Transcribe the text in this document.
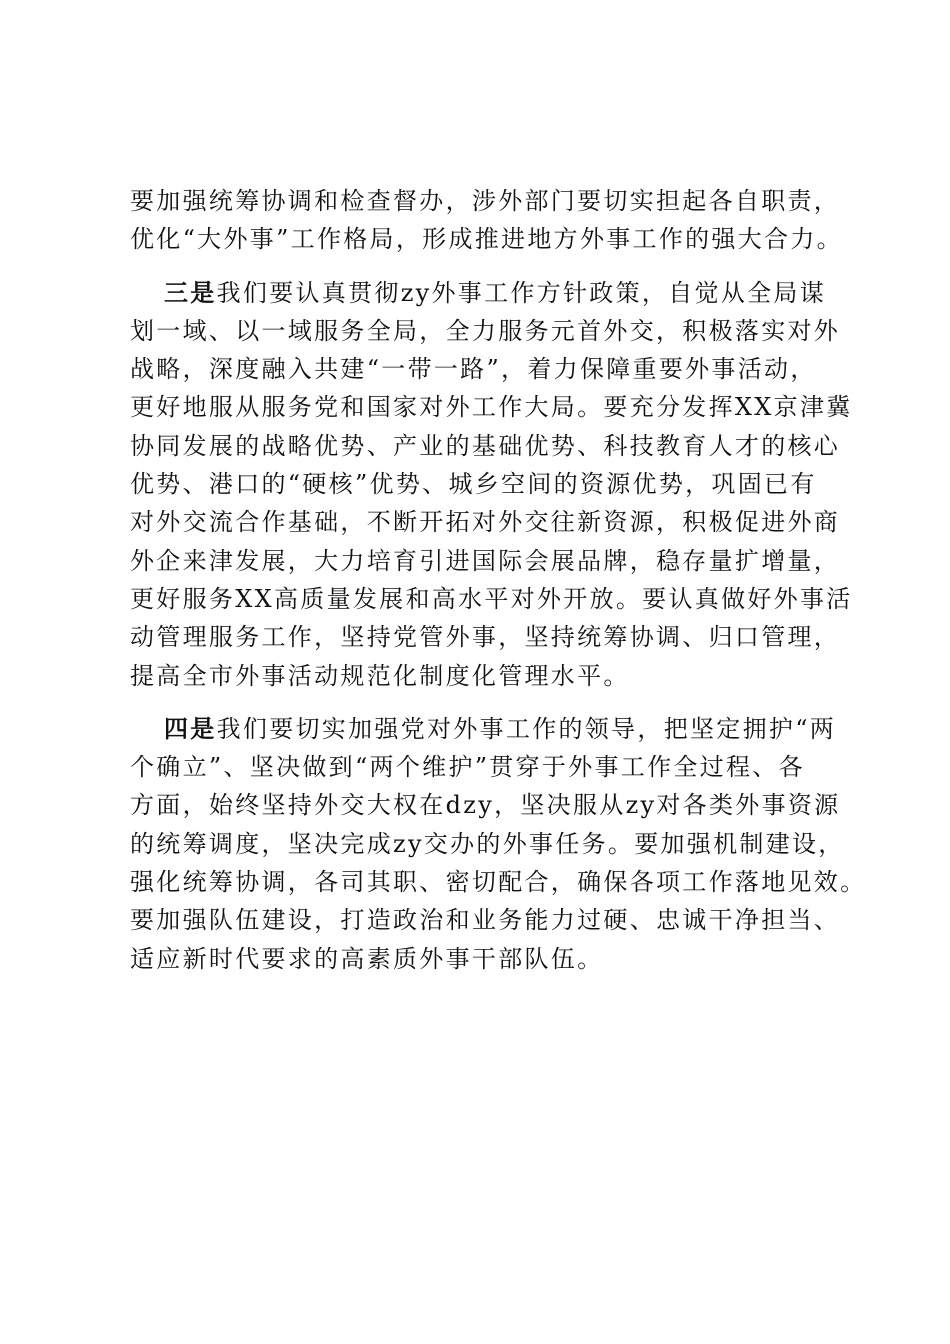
要加强统筹协调和检查督办，涉外部门要切实担起各自职责，
优化“大外事”工作格局，形成推进地方外事工作的强大合力。
三是我们要认真贯彻zy外事工作方针政策，自觉从全局谋
划一域、以一域服务全局，全力服务元首外交，积极落实对外
战略，深度融入共建“一带一路”，着力保障重要外事活动，
更好地服从服务党和国家对外工作大局。要充分发挥XX京津冀
协同发展的战略优势、产业的基础优势、科技教育人才的核心
优势、港口的“硬核”优势、城乡空间的资源优势，巩固已有
对外交流合作基础，不断开拓对外交往新资源，积极促进外商
外企来津发展，大力培育引进国际会展品牌，稳存量扩增量，
更好服务XX高质量发展和高水平对外开放。要认真做好外事活
动管理服务工作，坚持党管外事，坚持统筹协调、归口管理，
提高全市外事活动规范化制度化管理水平。
四是我们要切实加强党对外事工作的领导，把坚定拥护“两
个确立”、坚决做到“两个维护”贯穿于外事工作全过程、各
方面，始终坚持外交大权在dzy，坚决服从zy对各类外事资源
的统筹调度，坚决完成zy交办的外事任务。要加强机制建设，
强化统筹协调，各司其职、密切配合，确保各项工作落地见效。
要加强队伍建设，打造政治和业务能力过硬、忠诚干净担当、
适应新时代要求的高素质外事干部队伍。
